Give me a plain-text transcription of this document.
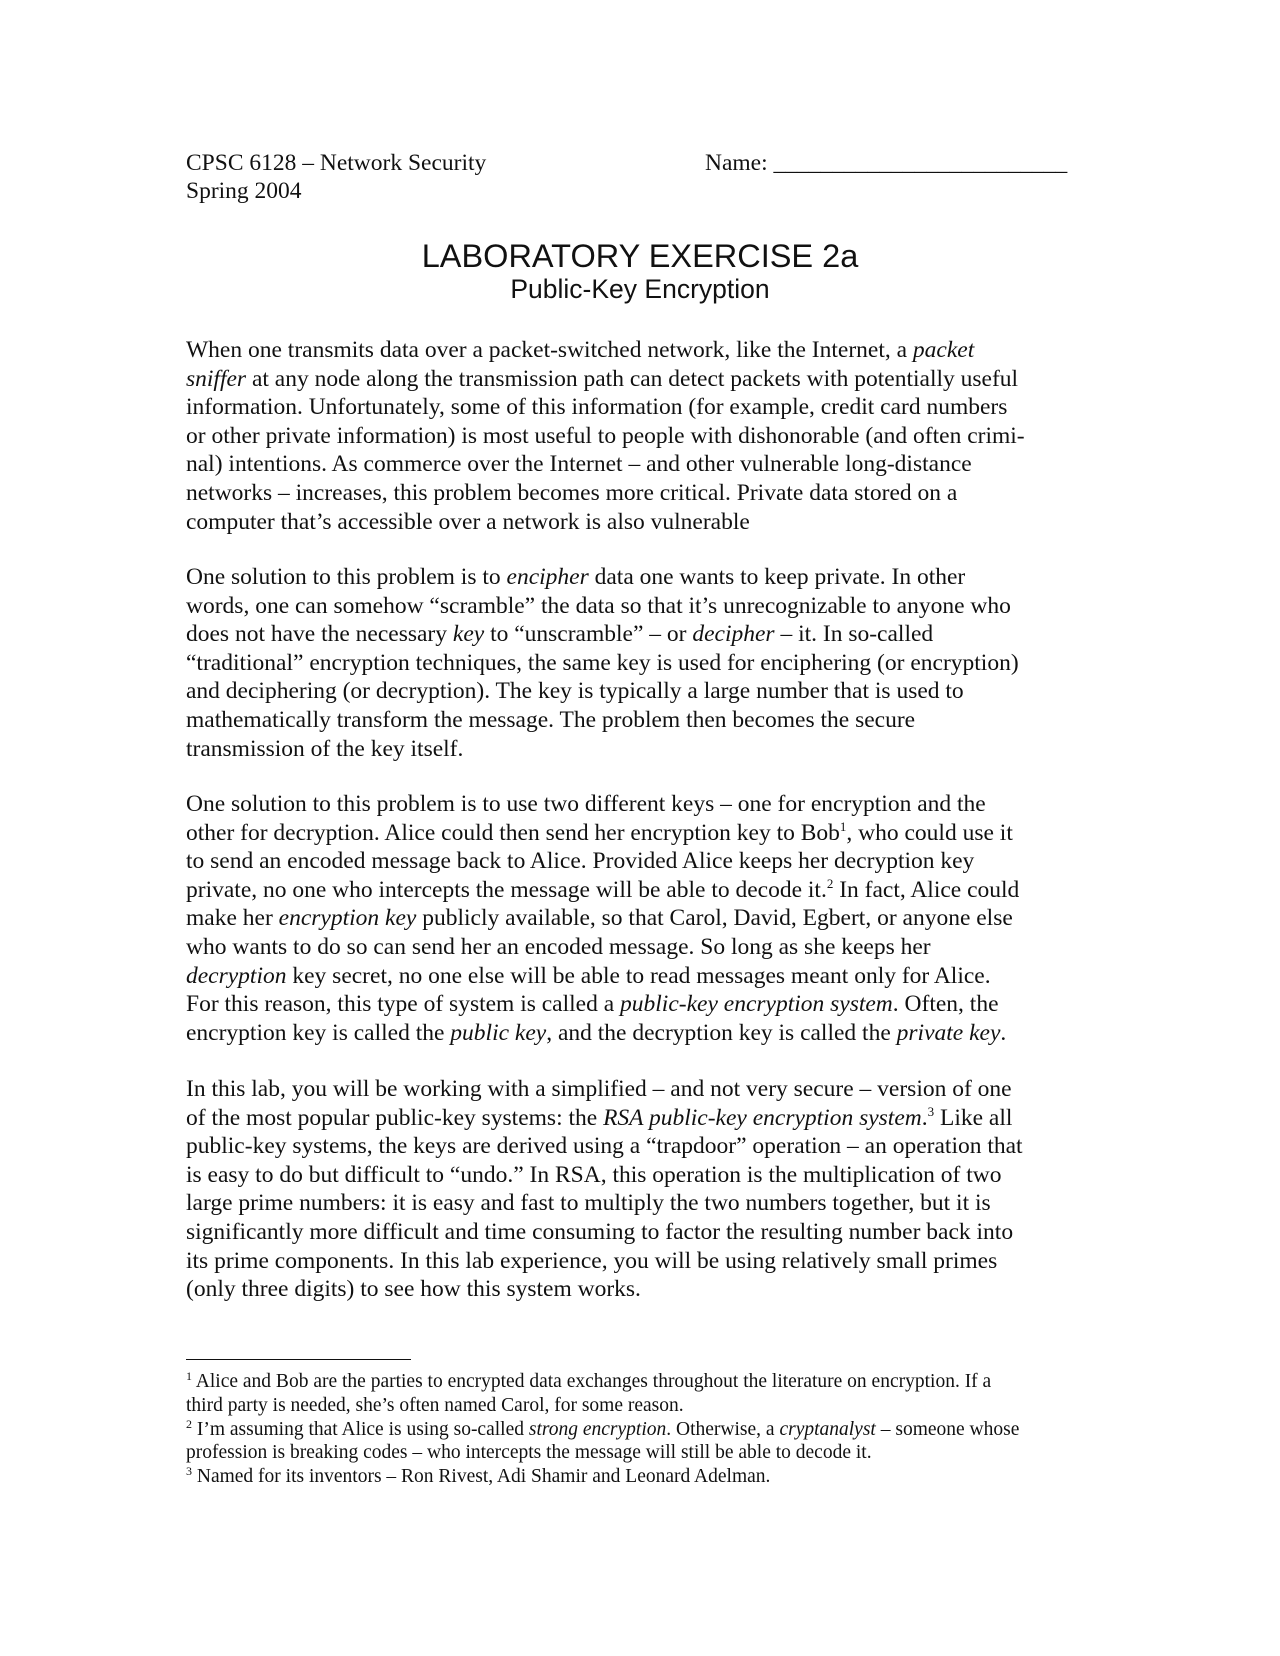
CPSC 6128 – Network Security	Name: _________________________
Spring 2004
LABORATORY EXERCISE 2a
Public-Key Encryption
When one transmits data over a packet-switched network, like the Internet, a packet
sniffer at any node along the transmission path can detect packets with potentially useful
information. Unfortunately, some of this information (for example, credit card numbers
or other private information) is most useful to people with dishonorable (and often crimi-
nal) intentions. As commerce over the Internet – and other vulnerable long-distance
networks – increases, this problem becomes more critical. Private data stored on a
computer that’s accessible over a network is also vulnerable
One solution to this problem is to encipher data one wants to keep private. In other
words, one can somehow “scramble” the data so that it’s unrecognizable to anyone who
does not have the necessary key to “unscramble” – or decipher – it. In so-called
“traditional” encryption techniques, the same key is used for enciphering (or encryption)
and deciphering (or decryption). The key is typically a large number that is used to
mathematically transform the message. The problem then becomes the secure
transmission of the key itself.
One solution to this problem is to use two different keys – one for encryption and the
other for decryption. Alice could then send her encryption key to Bob$^1$, who could use it
to send an encoded message back to Alice. Provided Alice keeps her decryption key
private, no one who intercepts the message will be able to decode it.$^2$ In fact, Alice could
make her encryption key publicly available, so that Carol, David, Egbert, or anyone else
who wants to do so can send her an encoded message. So long as she keeps her
decryption key secret, no one else will be able to read messages meant only for Alice.
For this reason, this type of system is called a public-key encryption system. Often, the
encryption key is called the public key, and the decryption key is called the private key.
In this lab, you will be working with a simplified – and not very secure – version of one
of the most popular public-key systems: the RSA public-key encryption system.$^3$ Like all
public-key systems, the keys are derived using a “trapdoor” operation – an operation that
is easy to do but difficult to “undo.” In RSA, this operation is the multiplication of two
large prime numbers: it is easy and fast to multiply the two numbers together, but it is
significantly more difficult and time consuming to factor the resulting number back into
its prime components. In this lab experience, you will be using relatively small primes
(only three digits) to see how this system works.
$^1$ Alice and Bob are the parties to encrypted data exchanges throughout the literature on encryption. If a
third party is needed, she’s often named Carol, for some reason.
$^2$ I’m assuming that Alice is using so-called strong encryption. Otherwise, a cryptanalyst – someone whose
profession is breaking codes – who intercepts the message will still be able to decode it.
$^3$ Named for its inventors – Ron Rivest, Adi Shamir and Leonard Adelman.
